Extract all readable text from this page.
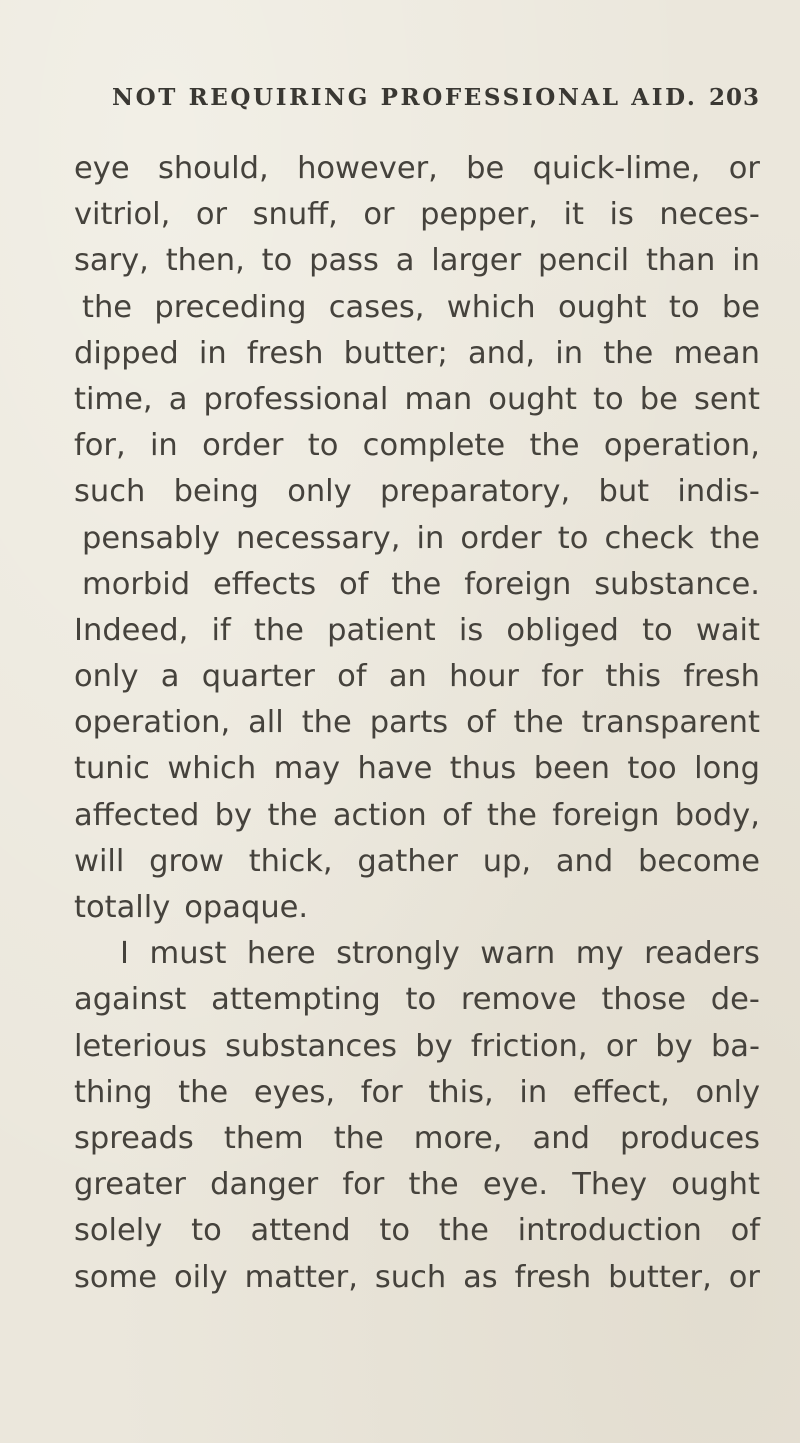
NOT REQUIRING PROFESSIONAL AID. 203
eye should, however, be quick-lime, or
vitriol, or snuff, or pepper, it is neces-
sary, then, to pass a larger pencil than in
the preceding cases, which ought to be
dipped in fresh butter; and, in the mean
time, a professional man ought to be sent
for, in order to complete the operation,
such being only preparatory, but indis-
pensably necessary, in order to check the
morbid effects of the foreign substance.
Indeed, if the patient is obliged to wait
only a quarter of an hour for this fresh
operation, all the parts of the transparent
tunic which may have thus been too long
affected by the action of the foreign body,
will grow thick, gather up, and become
totally opaque.
I must here strongly warn my readers
against attempting to remove those de-
leterious substances by friction, or by ba-
thing the eyes, for this, in effect, only
spreads them the more, and produces
greater danger for the eye. They ought
solely to attend to the introduction of
some oily matter, such as fresh butter, or
